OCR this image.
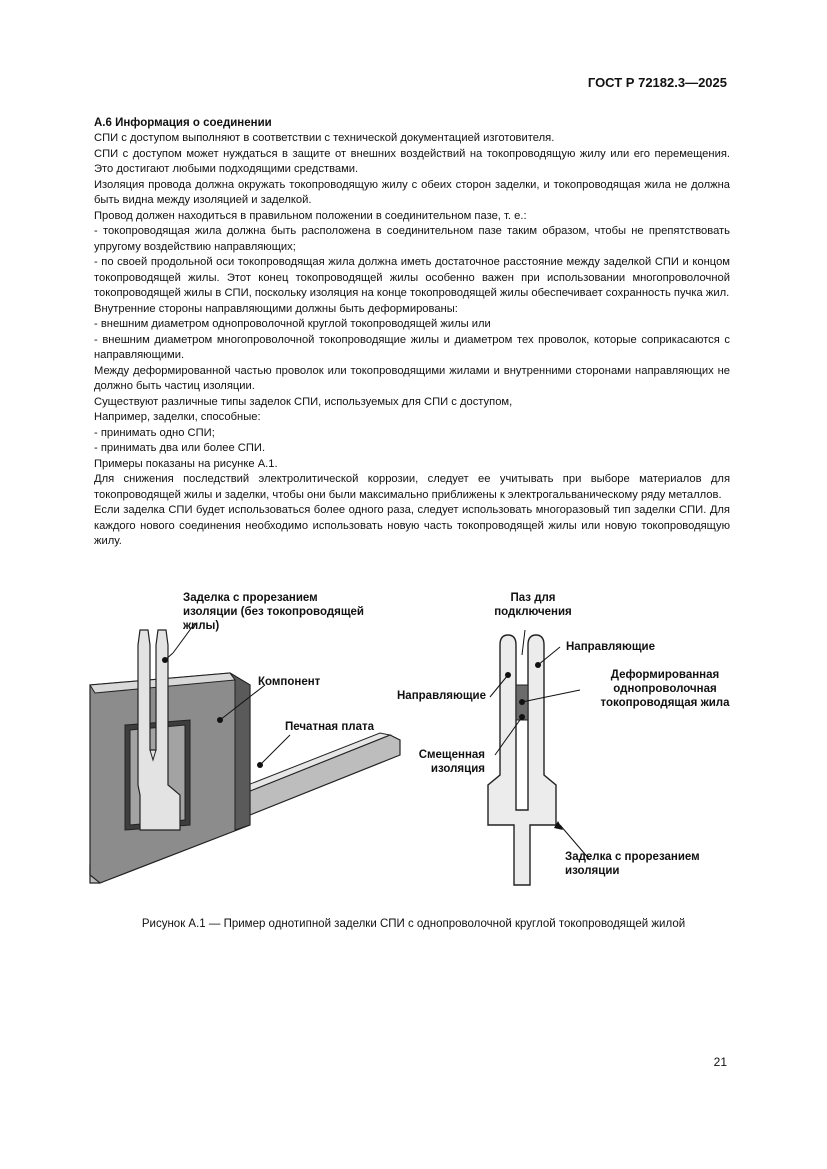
ГОСТ Р 72182.3—2025
А.6 Информация о соединении

СПИ с доступом выполняют в соответствии с технической документацией изготовителя.

СПИ с доступом может нуждаться в защите от внешних воздействий на токопроводящую жилу или его перемещения. Это достигают любыми подходящими средствами.

Изоляция провода должна окружать токопроводящую жилу с обеих сторон заделки, и токопроводящая жила не должна быть видна между изоляцией и заделкой.

Провод должен находиться в правильном положении в соединительном пазе, т. е.:

- токопроводящая жила должна быть расположена в соединительном пазе таким образом, чтобы не препятствовать упругому воздействию направляющих;

- по своей продольной оси токопроводящая жила должна иметь достаточное расстояние между заделкой СПИ и концом токопроводящей жилы. Этот конец токопроводящей жилы особенно важен при использовании многопроволочной токопроводящей жилы в СПИ, поскольку изоляция на конце токопроводящей жилы обеспечивает сохранность пучка жил.

Внутренние стороны направляющими должны быть деформированы:

- внешним диаметром однопроволочной круглой токопроводящей жилы или

- внешним диаметром многопроволочной токопроводящие жилы и диаметром тех проволок, которые соприкасаются с направляющими.

Между деформированной частью проволок или токопроводящими жилами и внутренними сторонами направляющих не должно быть частиц изоляции.

Существуют различные типы заделок СПИ, используемых для СПИ с доступом,

Например, заделки, способные:

- принимать одно СПИ;

- принимать два или более СПИ.

Примеры показаны на рисунке А.1.

Для снижения последствий электролитической коррозии, следует ее учитывать при выборе материалов для токопроводящей жилы и заделки, чтобы они были максимально приближены к электрогальваническому ряду металлов.

Если заделка СПИ будет использоваться более одного раза, следует использовать многоразовый тип заделки СПИ. Для каждого нового соединения необходимо использовать новую часть токопроводящей жилы или новую токопроводящую жилу.

Заделка с прорезанием изоляции (без токопроводящей жилы)
Компонент
Печатная плата
Паз для подключения
Направляющие
Направляющие
Деформированная однопроволочная токопроводящая жила
Смещенная изоляция
Заделка с прорезанием изоляции
Рисунок А.1 — Пример однотипной заделки СПИ с однопроволочной круглой токопроводящей жилой
21
